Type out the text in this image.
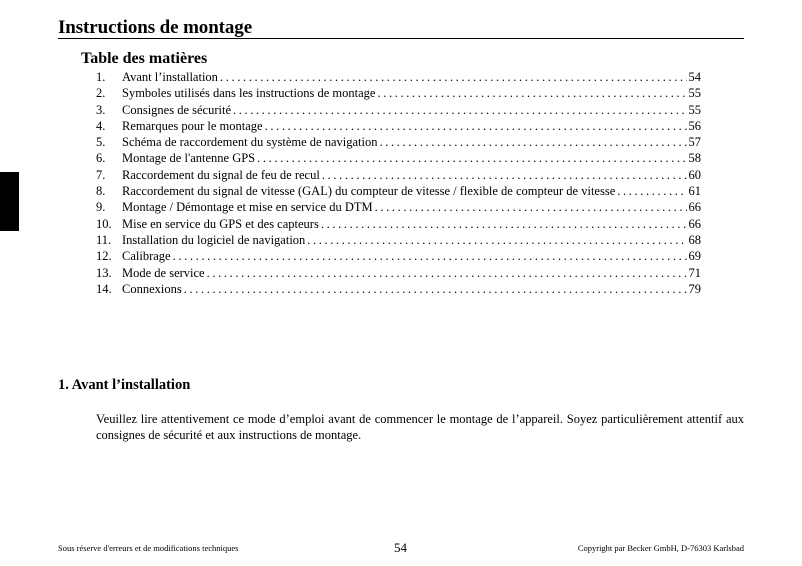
Instructions de montage
Table des matières
1.	Avant l’installation . . .	54
2.	Symboles utilisés dans les instructions de montage . . .	55
3.	Consignes de sécurité . . .	55
4.	Remarques pour le montage . . .	56
5.	Schéma de raccordement du système de navigation . . .	57
6.	Montage de l'antenne GPS . . .	58
7.	Raccordement du signal de feu de recul . . .	60
8.	Raccordement du signal de vitesse (GAL) du compteur de vitesse / flexible de compteur de vitesse . . .	61
9.	Montage / Démontage et mise en service du DTM . . .	66
10. Mise en service du GPS et des capteurs . . .	66
11. Installation du logiciel de navigation . . .	68
12. Calibrage . . .	69
13. Mode de service . . .	71
14. Connexions . . .	79
1. Avant l’installation
Veuillez lire attentivement ce mode d’emploi avant de commencer le montage de l’appareil. Soyez particulièrement attentif aux consignes de sécurité et aux instructions de montage.
Sous réserve d'erreurs et de modifications techniques	54	Copyright par Becker GmbH, D-76303 Karlsbad
